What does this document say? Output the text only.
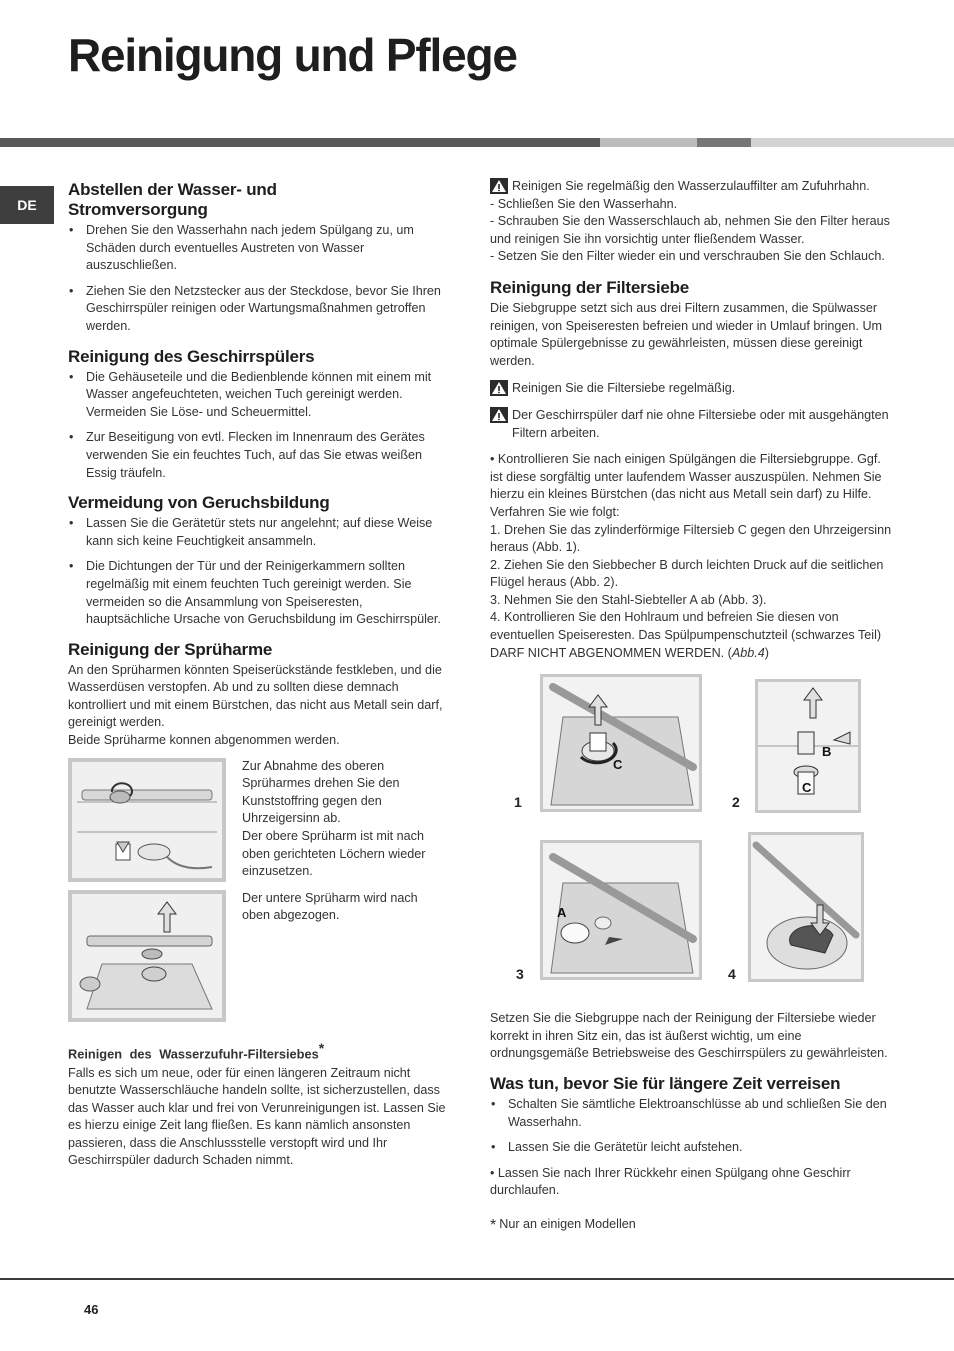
Reinigung und Pflege
DE
Abstellen der Wasser- und Stromversorgung
• Drehen Sie den Wasserhahn nach jedem Spülgang zu, um Schäden durch eventuelles Austreten von Wasser auszuschließen.
• Ziehen Sie den Netzstecker aus der Steckdose, bevor Sie Ihren Geschirrspüler reinigen oder Wartungsmaßnahmen getroffen werden.
Reinigung des Geschirrspülers
• Die Gehäuseteile und die Bedienblende können mit einem mit Wasser angefeuchteten, weichen Tuch gereinigt werden. Vermeiden Sie Löse- und Scheuermittel.
• Zur Beseitigung von evtl. Flecken im Innenraum des Gerätes verwenden Sie ein feuchtes Tuch, auf das Sie etwas weißen Essig träufeln.
Vermeidung von Geruchsbildung
• Lassen Sie die Gerätetür stets nur angelehnt; auf diese Weise kann sich keine Feuchtigkeit ansammeln.
• Die Dichtungen der Tür und der Reinigerkammern sollten regelmäßig mit einem feuchten Tuch gereinigt werden. Sie vermeiden so die Ansammlung von Speiseresten, hauptsächliche Ursache von Geruchsbildung im Geschirrspüler.
Reinigung der Sprüharme

An den Sprüharmen könnten Speiserückstände festkleben, und die Wasserdüsen verstopfen. Ab und zu sollten diese demnach kontrolliert und mit einem Bürstchen, das nicht aus Metall sein darf, gereinigt werden.

Beide Sprüharme konnen abgenommen werden.

Zur Abnahme des oberen Sprüharmes drehen Sie den Kunststoffring gegen den Uhrzeigersinn ab.

Der obere Sprüharm ist mit nach oben gerichteten Löchern wieder einzusetzen.

Der untere Sprüharm wird nach oben abgezogen.

Reinigen des Wasserzufuhr-Filtersiebes*

Falls es sich um neue, oder für einen längeren Zeitraum nicht benutzte Wasserschläuche handeln sollte, ist sicherzustellen, dass das Wasser auch klar und frei von Verunreinigungen ist. Lassen Sie es hierzu einige Zeit lang fließen. Es kann nämlich ansonsten passieren, dass die Anschlussstelle verstopft wird und Ihr Geschirrspüler dadurch Schaden nimmt.

Reinigen Sie regelmäßig den Wasserzulauffilter am Zufuhrhahn.

- Schließen Sie den Wasserhahn.

- Schrauben Sie den Wasserschlauch ab, nehmen Sie den Filter heraus und reinigen Sie ihn vorsichtig unter fließendem Wasser.

- Setzen Sie den Filter wieder ein und verschrauben Sie den Schlauch.

Reinigung der Filtersiebe

Die Siebgruppe setzt sich aus drei Filtern zusammen, die Spülwasser reinigen, von Speiseresten befreien und wieder in Umlauf bringen. Um optimale Spülergebnisse zu gewährleisten, müssen diese gereinigt werden.

Reinigen Sie die Filtersiebe regelmäßig.
Der Geschirrspüler darf nie ohne Filtersiebe oder mit ausgehängten Filtern arbeiten.

• Kontrollieren Sie nach einigen Spülgängen die Filtersiebgruppe. Ggf. ist diese sorgfältig unter laufendem Wasser auszuspülen. Nehmen Sie hierzu ein kleines Bürstchen (das nicht aus Metall sein darf) zu Hilfe. Verfahren Sie wie folgt:

1. Drehen Sie das zylinderförmige Filtersieb C gegen den Uhrzeigersinn heraus (Abb. 1).

2. Ziehen Sie den Siebbecher B durch leichten Druck auf die seitlichen Flügel heraus (Abb. 2).

3. Nehmen Sie den Stahl-Siebteller A ab (Abb. 3).

4. Kontrollieren Sie den Hohlraum und befreien Sie diesen von eventuellen Speiseresten. Das Spülpumpenschutzteil (schwarzes Teil) DARF NICHT ABGENOMMEN WERDEN. (Abb.4)

C
1
B
C
2
A
3	4

Setzen Sie die Siebgruppe nach der Reinigung der Filtersiebe wieder korrekt in ihren Sitz ein, das ist äußerst wichtig, um eine ordnungsgemäße Betriebsweise des Geschirrspülers zu gewährleisten.

Was tun, bevor Sie für längere Zeit verreisen
• Schalten Sie sämtliche Elektroanschlüsse ab und schließen Sie den Wasserhahn.
• Lassen Sie die Gerätetür leicht aufstehen.

• Lassen Sie nach Ihrer Rückkehr einen Spülgang ohne Geschirr durchlaufen.

* Nur an einigen Modellen
46
